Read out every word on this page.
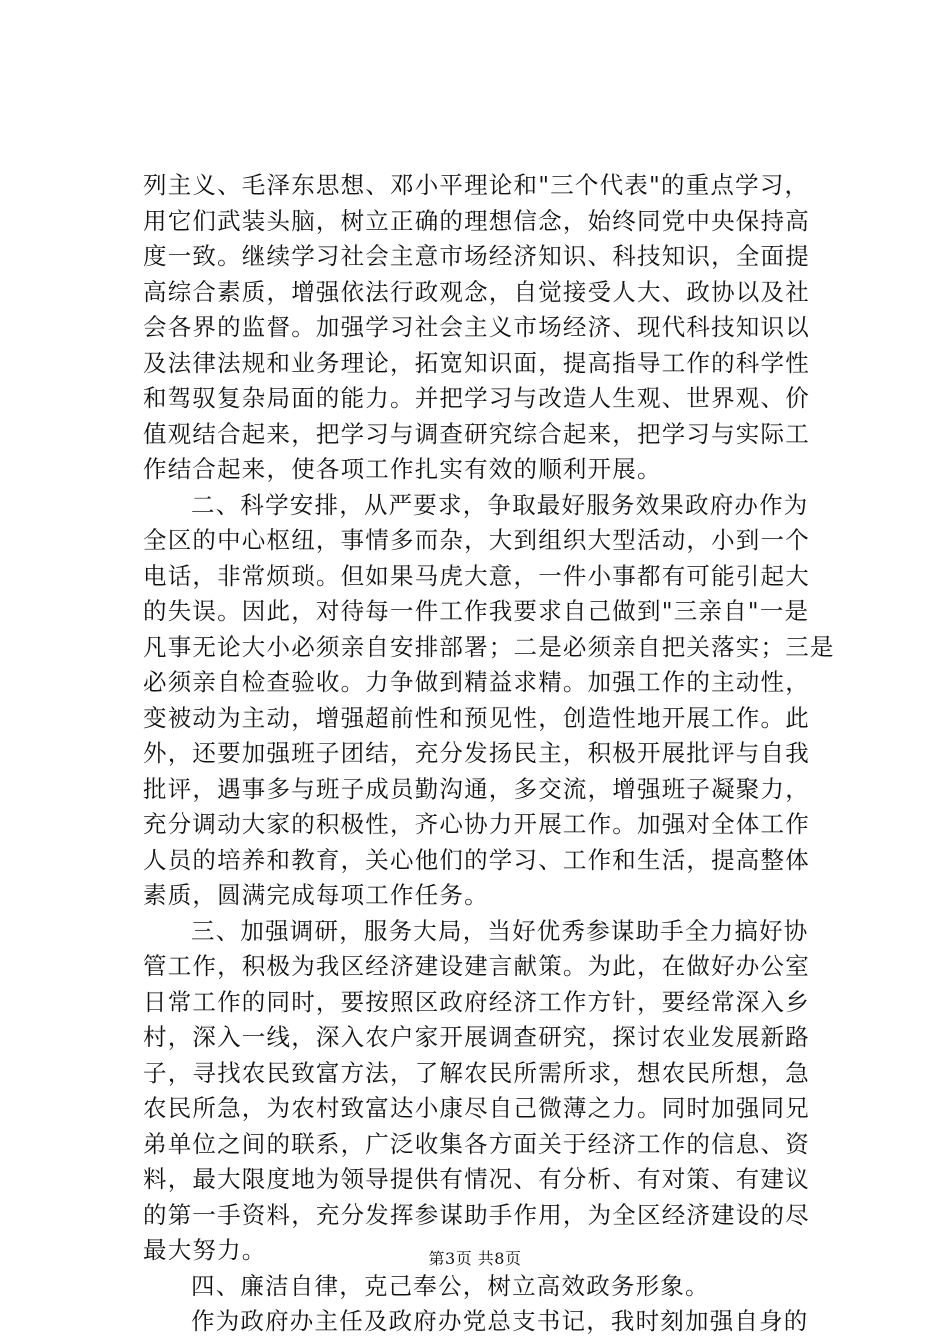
列主义、毛泽东思想、邓小平理论和"三个代表"的重点学习，
用它们武装头脑，树立正确的理想信念，始终同党中央保持高
度一致。继续学习社会主意市场经济知识、科技知识，全面提
高综合素质，增强依法行政观念，自觉接受人大、政协以及社
会各界的监督。加强学习社会主义市场经济、现代科技知识以
及法律法规和业务理论，拓宽知识面，提高指导工作的科学性
和驾驭复杂局面的能力。并把学习与改造人生观、世界观、价
值观结合起来，把学习与调查研究综合起来，把学习与实际工
作结合起来，使各项工作扎实有效的顺利开展。
二、科学安排，从严要求，争取最好服务效果政府办作为
全区的中心枢纽，事情多而杂，大到组织大型活动，小到一个
电话，非常烦琐。但如果马虎大意，一件小事都有可能引起大
的失误。因此，对待每一件工作我要求自己做到"三亲自"一是
凡事无论大小必须亲自安排部署；二是必须亲自把关落实；三是
必须亲自检查验收。力争做到精益求精。加强工作的主动性，
变被动为主动，增强超前性和预见性，创造性地开展工作。此
外，还要加强班子团结，充分发扬民主，积极开展批评与自我
批评，遇事多与班子成员勤沟通，多交流，增强班子凝聚力，
充分调动大家的积极性，齐心协力开展工作。加强对全体工作
人员的培养和教育，关心他们的学习、工作和生活，提高整体
素质，圆满完成每项工作任务。
三、加强调研，服务大局，当好优秀参谋助手全力搞好协
管工作，积极为我区经济建设建言献策。为此，在做好办公室
日常工作的同时，要按照区政府经济工作方针，要经常深入乡
村，深入一线，深入农户家开展调查研究，探讨农业发展新路
子，寻找农民致富方法，了解农民所需所求，想农民所想，急
农民所急，为农村致富达小康尽自己微薄之力。同时加强同兄
弟单位之间的联系，广泛收集各方面关于经济工作的信息、资
料，最大限度地为领导提供有情况、有分析、有对策、有建议
的第一手资料，充分发挥参谋助手作用，为全区经济建设的尽
最大努力。
四、廉洁自律，克己奉公，树立高效政务形象。
作为政府办主任及政府办党总支书记，我时刻加强自身的
第3页 共8页
